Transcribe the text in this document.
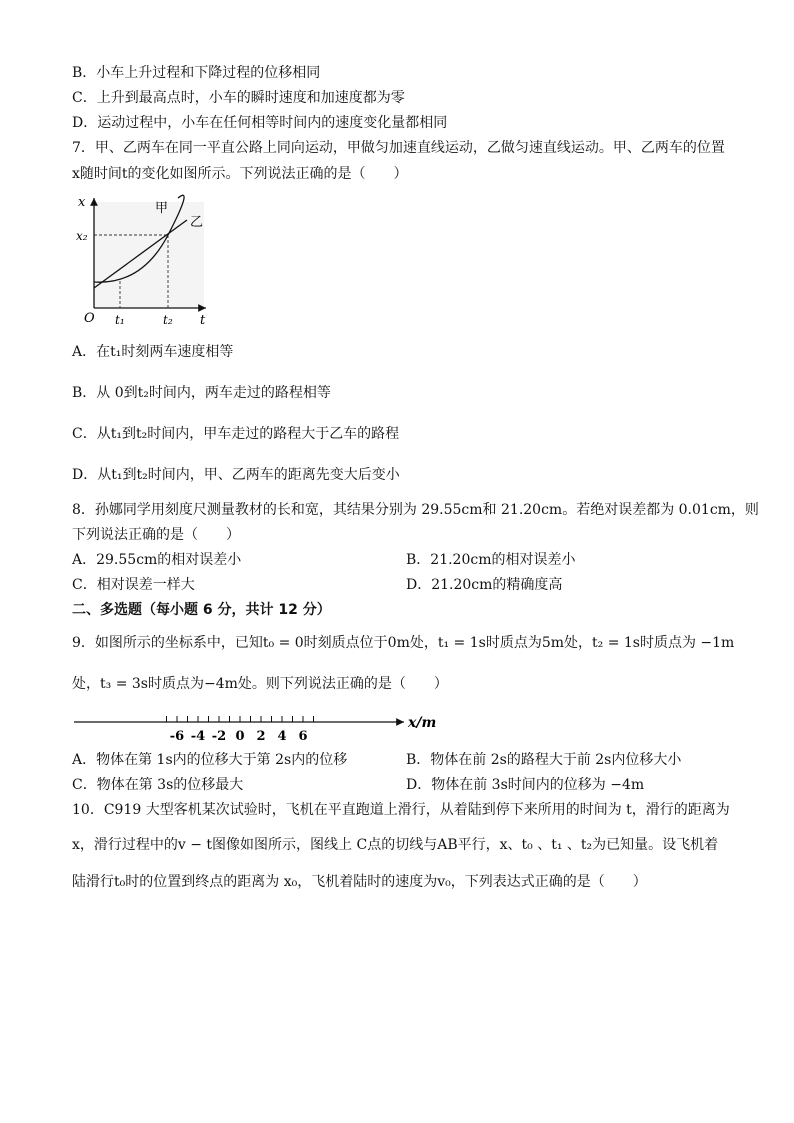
B．小车上升过程和下降过程的位移相同
C．上升到最高点时，小车的瞬时速度和加速度都为零
D．运动过程中，小车在任何相等时间内的速度变化量都相同
7．甲、乙两车在同一平直公路上同向运动，甲做匀加速直线运动，乙做匀速直线运动。甲、乙两车的位置
x随时间t的变化如图所示。下列说法正确的是（　　）
x
t
O
x₂
t₁	t₂
甲
乙
A．在t₁时刻两车速度相等
B．从 0到t₂时间内，两车走过的路程相等
C．从t₁到t₂时间内，甲车走过的路程大于乙车的路程
D．从t₁到t₂时间内，甲、乙两车的距离先变大后变小
8．孙娜同学用刻度尺测量教材的长和宽，其结果分别为 29.55cm和 21.20cm。若绝对误差都为 0.01cm，则
下列说法正确的是（　　）
A．29.55cm的相对误差小	B．21.20cm的相对误差小
C．相对误差一样大	D．21.20cm的精确度高
二、多选题（每小题 6 分，共计 12 分）
9．如图所示的坐标系中，已知t₀ = 0时刻质点位于0m处，t₁ = 1s时质点为5m处，t₂ = 1s时质点为 −1m
处，t₃ = 3s时质点为−4m处。则下列说法正确的是（　　）
-6 -4 -2 0 2 4 6
x/m
A．物体在第 1s内的位移大于第 2s内的位移	B．物体在前 2s的路程大于前 2s内位移大小
C．物体在第 3s的位移最大	D．物体在前 3s时间内的位移为 −4m
10．C919 大型客机某次试验时，飞机在平直跑道上滑行，从着陆到停下来所用的时间为 t，滑行的距离为
x，滑行过程中的v − t图像如图所示，图线上 C点的切线与AB平行，x、t₀ 、t₁ 、t₂为已知量。设飞机着
陆滑行t₀时的位置到终点的距离为 x₀，飞机着陆时的速度为v₀，下列表达式正确的是（　　）
